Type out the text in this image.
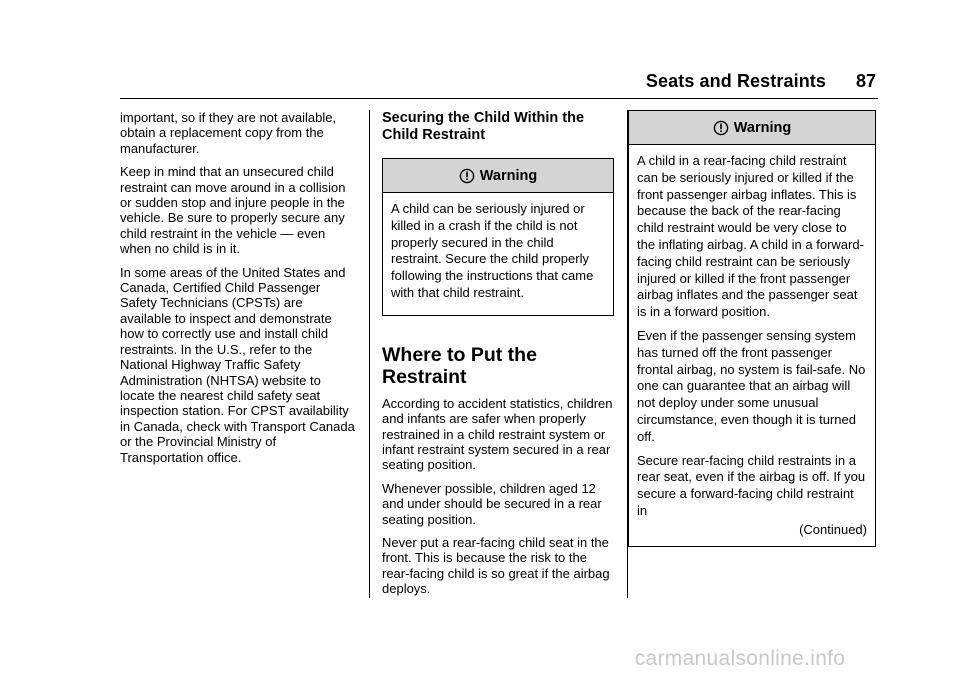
Seats and Restraints 87

important, so if they are not available, obtain a replacement copy from the manufacturer.

Keep in mind that an unsecured child restraint can move around in a collision or sudden stop and injure people in the vehicle. Be sure to properly secure any child restraint in the vehicle — even when no child is in it.

In some areas of the United States and Canada, Certified Child Passenger Safety Technicians (CPSTs) are available to inspect and demonstrate how to correctly use and install child restraints. In the U.S., refer to the National Highway Traffic Safety Administration (NHTSA) website to locate the nearest child safety seat inspection station. For CPST availability in Canada, check with Transport Canada or the Provincial Ministry of Transportation office.

Securing the Child Within the Child Restraint
Warning

A child can be seriously injured or killed in a crash if the child is not properly secured in the child restraint. Secure the child properly following the instructions that came with that child restraint.

Where to Put the Restraint

According to accident statistics, children and infants are safer when properly restrained in a child restraint system or infant restraint system secured in a rear seating position.

Whenever possible, children aged 12 and under should be secured in a rear seating position.

Never put a rear-facing child seat in the front. This is because the risk to the rear-facing child is so great if the airbag deploys.

Warning

A child in a rear-facing child restraint can be seriously injured or killed if the front passenger airbag inflates. This is because the back of the rear-facing child restraint would be very close to the inflating airbag. A child in a forward-facing child restraint can be seriously injured or killed if the front passenger airbag inflates and the passenger seat is in a forward position.

Even if the passenger sensing system has turned off the front passenger frontal airbag, no system is fail-safe. No one can guarantee that an airbag will not deploy under some unusual circumstance, even though it is turned off.

Secure rear-facing child restraints in a rear seat, even if the airbag is off. If you secure a forward-facing child restraint in

(Continued)
carmanualsonline.info
